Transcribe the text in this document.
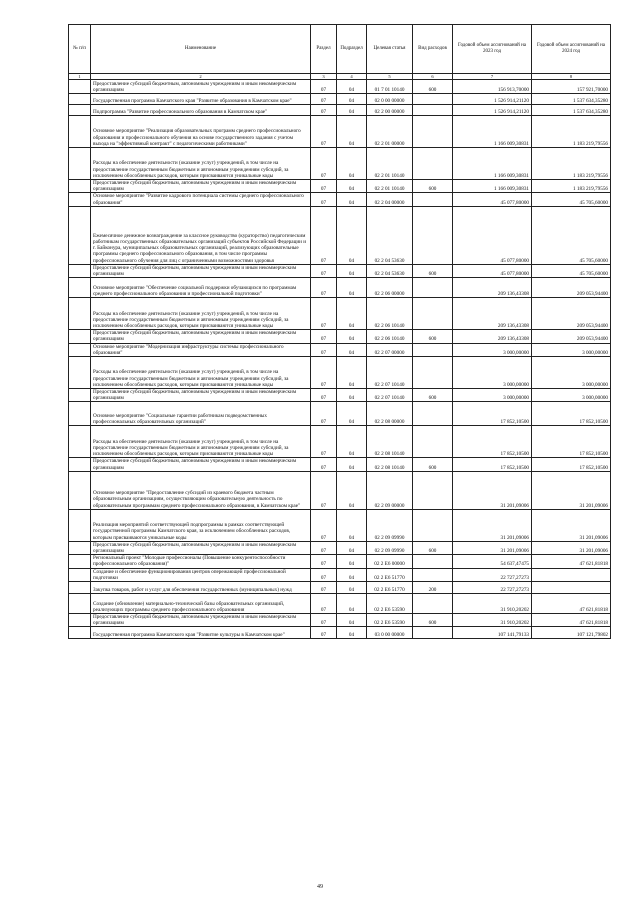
№ п/п	Наименование	Раздел	Подраздел	Целевая статья	Вид расходов	Годовой объем ассигнований на 2023 год	Годовой объем ассигнований на 2024 год
1	2	3	4	5	6	7	8
	Предоставление субсидий бюджетным, автономным учреждениям и иным некоммерческим организациям	07	04	01 7 01 10140	600	156 913,70000	157 921,70000
	Государственная программа Камчатского края "Развитие образования в Камчатском крае"	07	04	02 0 00 00000		1 526 914,21120	1 537 634,35280
	Подпрограмма "Развитие профессионального образования в Камчатском крае"	07	04	02 2 00 00000		1 526 914,21120	1 537 634,35280
	Основное мероприятие "Реализация образовательных программ среднего профессионального образования и профессионального обучения на основе государственного задания с учетом выхода на "эффективный контракт" с педагогическими работниками"	07	04	02 2 01 00000		1 166 009,30831	1 183 219,79556
	Расходы на обеспечение деятельности (оказание услуг) учреждений, в том числе на предоставление государственным бюджетным и автономным учреждениям субсидий, за исключением обособленных расходов, которым присваиваются уникальные коды	07	04	02 2 01 10140		1 166 009,30831	1 183 219,79556
	Предоставление субсидий бюджетным, автономным учреждениям и иным некоммерческим организациям	07	04	02 2 01 10140	600	1 166 009,30831	1 183 219,79556
	Основное мероприятие "Развитие кадрового потенциала системы среднего профессионального образования"	07	04	02 2 04 00000		45 077,80000	45 705,60000
	Ежемесячное денежное вознаграждение за классное руководство (кураторство) педагогическим работникам государственных образовательных организаций субъектов Российской Федерации и г. Байконура, муниципальных образовательных организаций, реализующих образовательные программы среднего профессионального образования, в том числе программы профессионального обучения для лиц с ограниченными возможностями здоровья	07	04	02 2 04 53630		45 077,80000	45 705,60000
	Предоставление субсидий бюджетным, автономным учреждениям и иным некоммерческим организациям	07	04	02 2 04 53630	600	45 077,80000	45 705,60000
	Основное мероприятие "Обеспечение социальной поддержки обучающихся по программам среднего профессионального образования и профессиональной подготовки"	07	04	02 2 06 00000		209 136,43308	209 053,94400
	Расходы на обеспечение деятельности (оказание услуг) учреждений, в том числе на предоставление государственным бюджетным и автономным учреждениям субсидий, за исключением обособленных расходов, которым присваиваются уникальные коды	07	04	02 2 06 10140		209 136,43308	209 053,94400
	Предоставление субсидий бюджетным, автономным учреждениям и иным некоммерческим организациям	07	04	02 2 06 10140	600	209 136,43308	209 053,94400
	Основное мероприятие "Модернизация инфраструктуры системы профессионального образования"	07	04	02 2 07 00000		3 000,00000	3 000,00000
	Расходы на обеспечение деятельности (оказание услуг) учреждений, в том числе на предоставление государственным бюджетным и автономным учреждениям субсидий, за исключением обособленных расходов, которым присваиваются уникальные коды	07	04	02 2 07 10140		3 000,00000	3 000,00000
	Предоставление субсидий бюджетным, автономным учреждениям и иным некоммерческим организациям	07	04	02 2 07 10140	600	3 000,00000	3 000,00000
	Основное мероприятие "Социальные гарантии работникам подведомственных профессиональных образовательных организаций"	07	04	02 2 08 00000		17 852,10500	17 852,10500
	Расходы на обеспечение деятельности (оказание услуг) учреждений, в том числе на предоставление государственным бюджетным и автономным учреждениям субсидий, за исключением обособленных расходов, которым присваиваются уникальные коды	07	04	02 2 08 10140		17 852,10500	17 852,10500
	Предоставление субсидий бюджетным, автономным учреждениям и иным некоммерческим организациям	07	04	02 2 08 10140	600	17 852,10500	17 852,10500
	Основное мероприятие "Предоставление субсидий из краевого бюджета частным образовательным организациям, осуществляющим образовательную деятельность по образовательным программам среднего профессионального образования, в Камчатском крае"	07	04	02 2 09 00000		31 201,09006	31 201,09006
	Реализация мероприятий соответствующей подпрограммы в рамках соответствующей государственной программы Камчатского края, за исключением обособленных расходов, которым присваиваются уникальные коды	07	04	02 2 09 09990		31 201,09006	31 201,09006
	Предоставление субсидий бюджетным, автономным учреждениям и иным некоммерческим организациям	07	04	02 2 09 09990	600	31 201,09006	31 201,09006
	Региональный проект "Молодые профессионалы (Повышение конкурентоспособности профессионального образования)"	07	04	02 2 E6 00000		54 637,47475	47 621,81818
	Создание и обеспечение функционирования центров опережающей профессиональной подготовки	07	04	02 2 E6 51770		22 727,27273	
	Закупка товаров, работ и услуг для обеспечения государственных (муниципальных) нужд	07	04	02 2 E6 51770	200	22 727,27273	
	Создание (обновление) материально-технической базы образовательных организаций, реализующих программы среднего профессионального образования	07	04	02 2 E6 53590		31 910,20202	47 621,81818
	Предоставление субсидий бюджетным, автономным учреждениям и иным некоммерческим организациям	07	04	02 2 E6 53590	600	31 910,20202	47 621,81818
	Государственная программа Камчатского края "Развитие культуры в Камчатском крае"	07	04	03 0 00 00000		107 141,79133	107 121,79802
49
